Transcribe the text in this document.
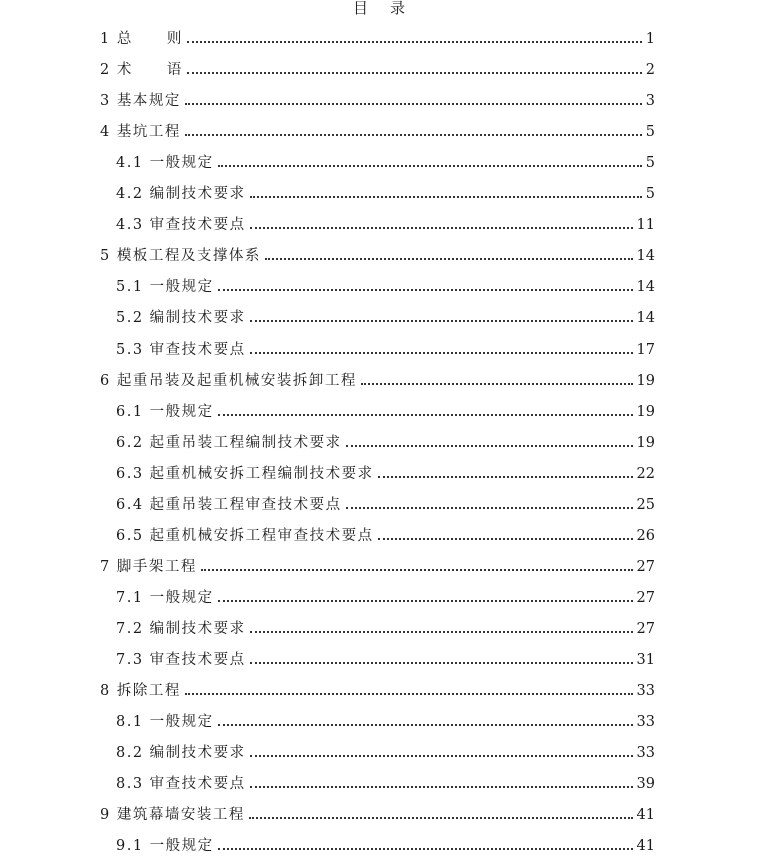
目 录
1 总 则	1
2 术 语	2
3 基本规定	3
4 基坑工程	5
4.1 一般规定	5
4.2 编制技术要求	5
4.3 审查技术要点	11
5 模板工程及支撑体系	14
5.1 一般规定	14
5.2 编制技术要求	14
5.3 审查技术要点	17
6 起重吊装及起重机械安装拆卸工程	19
6.1 一般规定	19
6.2 起重吊装工程编制技术要求	19
6.3 起重机械安拆工程编制技术要求	22
6.4 起重吊装工程审查技术要点	25
6.5 起重机械安拆工程审查技术要点	26
7 脚手架工程	27
7.1 一般规定	27
7.2 编制技术要求	27
7.3 审查技术要点	31
8 拆除工程	33
8.1 一般规定	33
8.2 编制技术要求	33
8.3 审查技术要点	39
9 建筑幕墙安装工程	41
9.1 一般规定	41
